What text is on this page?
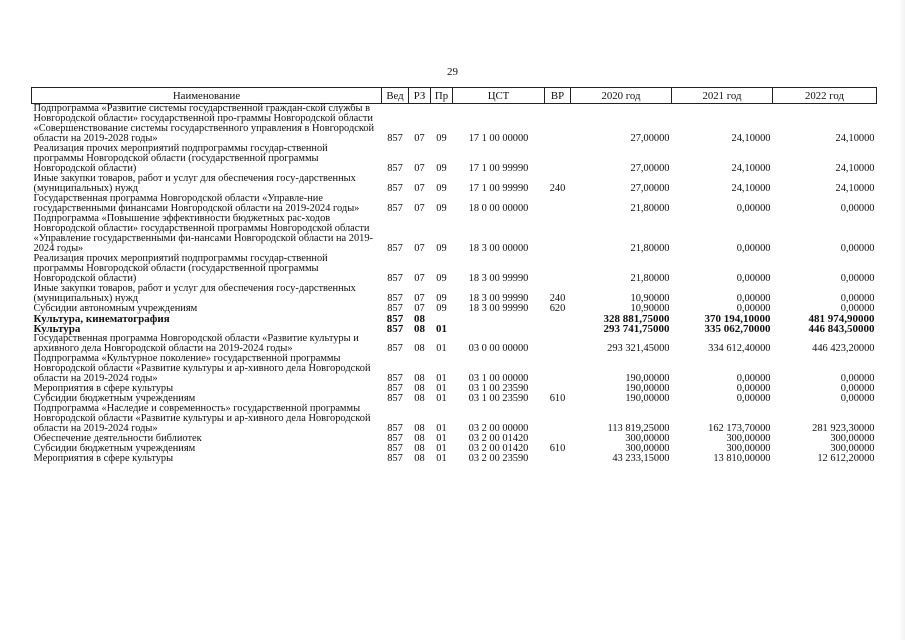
29
Наименование	Вед	РЗ	Пр	ЦСТ	ВР	2020 год	2021 год	2022 год
Подпрограмма «Развитие системы государственной граждан-ской службы в Новгородской области» государственной про-граммы Новгородской области «Совершенствование системы государственного управления в Новгородской области на 2019-2028 годы»	857	07	09	17 1 00 00000		27,00000	24,10000	24,10000
Реализация прочих мероприятий подпрограммы государ-ственной программы Новгородской области (государственной программы Новгородской области)	857	07	09	17 1 00 99990		27,00000	24,10000	24,10000
Иные закупки товаров, работ и услуг для обеспечения госу-дарственных (муниципальных) нужд	857	07	09	17 1 00 99990	240	27,00000	24,10000	24,10000
Государственная программа Новгородской области «Управле-ние государственными финансами Новгородской области на 2019-2024 годы»	857	07	09	18 0 00 00000		21,80000	0,00000	0,00000
Подпрограмма «Повышение эффективности бюджетных рас-ходов Новгородской области» государственной программы Новгородской области «Управление государственными фи-нансами Новгородской области на 2019-2024 годы»	857	07	09	18 3 00 00000		21,80000	0,00000	0,00000
Реализация прочих мероприятий подпрограммы государ-ственной программы Новгородской области (государственной программы Новгородской области)	857	07	09	18 3 00 99990		21,80000	0,00000	0,00000
Иные закупки товаров, работ и услуг для обеспечения госу-дарственных (муниципальных) нужд	857	07	09	18 3 00 99990	240	10,90000	0,00000	0,00000
Субсидии автономным учреждениям	857	07	09	18 3 00 99990	620	10,90000	0,00000	0,00000
Культура, кинематография	857	08				328 881,75000	370 194,10000	481 974,90000
Культура	857	08	01			293 741,75000	335 062,70000	446 843,50000
Государственная программа Новгородской области «Развитие культуры и архивного дела Новгородской области на 2019-2024 годы»	857	08	01	03 0 00 00000		293 321,45000	334 612,40000	446 423,20000
Подпрограмма «Культурное поколение» государственной программы Новгородской области «Развитие культуры и ар-хивного дела Новгородской области на 2019-2024 годы»	857	08	01	03 1 00 00000		190,00000	0,00000	0,00000
Мероприятия в сфере культуры	857	08	01	03 1 00 23590		190,00000	0,00000	0,00000
Субсидии бюджетным учреждениям	857	08	01	03 1 00 23590	610	190,00000	0,00000	0,00000
Подпрограмма «Наследие и современность» государственной программы Новгородской области «Развитие культуры и ар-хивного дела Новгородской области на 2019-2024 годы»	857	08	01	03 2 00 00000		113 819,25000	162 173,70000	281 923,30000
Обеспечение деятельности библиотек	857	08	01	03 2 00 01420		300,00000	300,00000	300,00000
Субсидии бюджетным учреждениям	857	08	01	03 2 00 01420	610	300,00000	300,00000	300,00000
Мероприятия в сфере культуры	857	08	01	03 2 00 23590		43 233,15000	13 810,00000	12 612,20000
